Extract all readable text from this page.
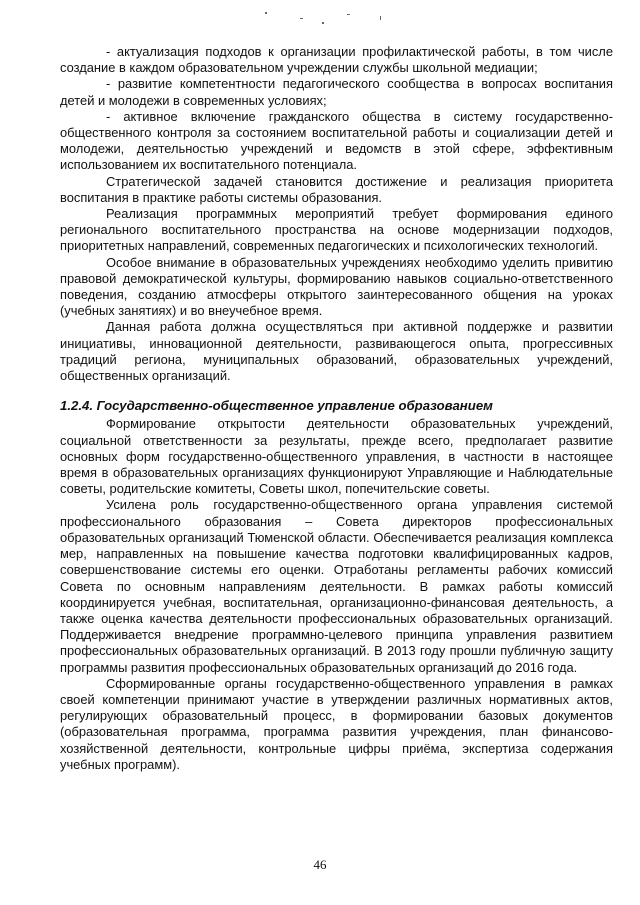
- актуализация подходов к организации профилактической работы, в том числе создание в каждом образовательном учреждении службы школьной медиации;

- развитие компетентности педагогического сообщества в вопросах воспитания детей и молодежи в современных условиях;

- активное включение гражданского общества в систему государственно-общественного контроля за состоянием воспитательной работы и социализации детей и молодежи, деятельностью учреждений и ведомств в этой сфере, эффективным использованием их воспитательного потенциала.

Стратегической задачей становится достижение и реализация приоритета воспитания в практике работы системы образования.

Реализация программных мероприятий требует формирования единого регионального воспитательного пространства на основе модернизации подходов, приоритетных направлений, современных педагогических и психологических технологий.

Особое внимание в образовательных учреждениях необходимо уделить привитию правовой демократической культуры, формированию навыков социально-ответственного поведения, созданию атмосферы открытого заинтересованного общения на уроках (учебных занятиях) и во внеучебное время.

Данная работа должна осуществляться при активной поддержке и развитии инициативы, инновационной деятельности, развивающегося опыта, прогрессивных традиций региона, муниципальных образований, образовательных учреждений, общественных организаций.

1.2.4. Государственно-общественное управление образованием

Формирование открытости деятельности образовательных учреждений, социальной ответственности за результаты, прежде всего, предполагает развитие основных форм государственно-общественного управления, в частности в настоящее время в образовательных организациях функционируют Управляющие и Наблюдательные советы, родительские комитеты, Советы школ, попечительские советы.

Усилена роль государственно-общественного органа управления системой профессионального образования – Совета директоров профессиональных образовательных организаций Тюменской области. Обеспечивается реализация комплекса мер, направленных на повышение качества подготовки квалифицированных кадров, совершенствование системы его оценки. Отработаны регламенты рабочих комиссий Совета по основным направлениям деятельности. В рамках работы комиссий координируется учебная, воспитательная, организационно-финансовая деятельность, а также оценка качества деятельности профессиональных образовательных организаций. Поддерживается внедрение программно-целевого принципа управления развитием профессиональных образовательных организаций. В 2013 году прошли публичную защиту программы развития профессиональных образовательных организаций до 2016 года.

Сформированные органы государственно-общественного управления в рамках своей компетенции принимают участие в утверждении различных нормативных актов, регулирующих образовательный процесс, в формировании базовых документов (образовательная программа, программа развития учреждения, план финансово-хозяйственной деятельности, контрольные цифры приёма, экспертиза содержания учебных программ).

46
